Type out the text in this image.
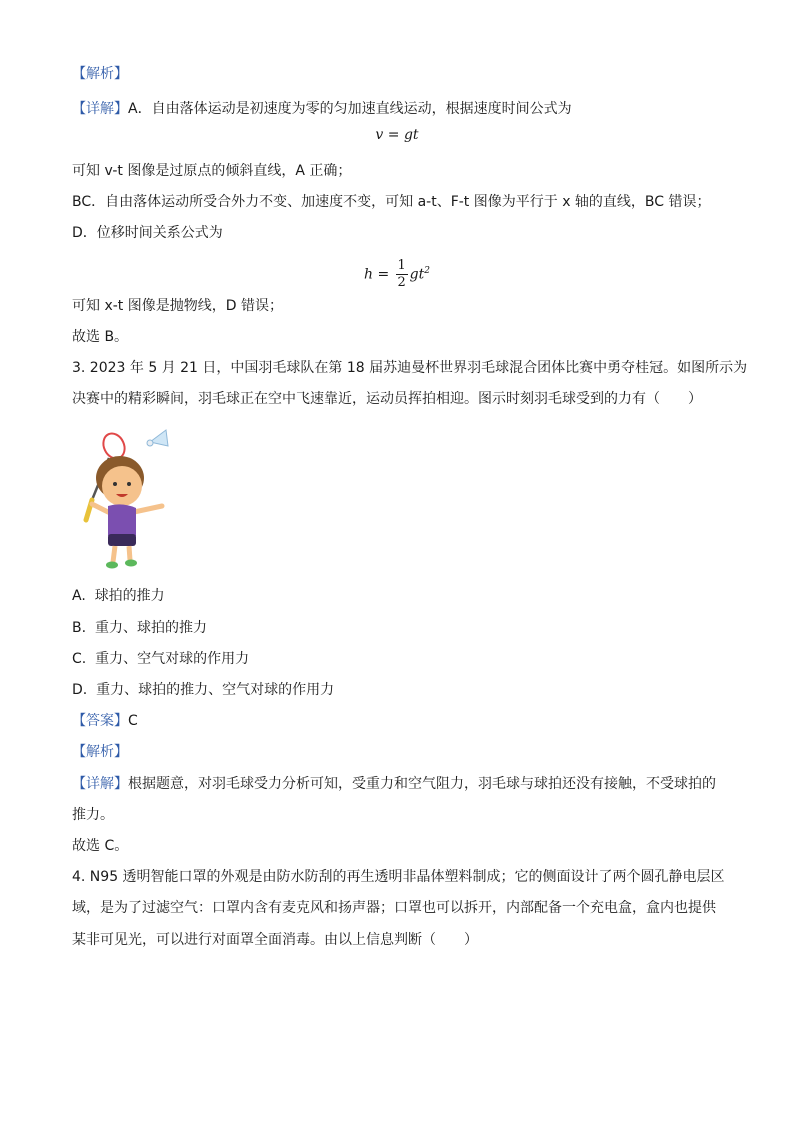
【解析】
【详解】A．自由落体运动是初速度为零的匀加速直线运动，根据速度时间公式为
v = gt
可知 v-t 图像是过原点的倾斜直线，A 正确；
BC．自由落体运动所受合外力不变、加速度不变，可知 a-t、F-t 图像为平行于 x 轴的直线，BC 错误；
D．位移时间关系公式为
$h = \frac{1}{2} gt^2$
可知 x-t 图像是抛物线，D 错误；
故选 B。
3. 2023 年 5 月 21 日，中国羽毛球队在第 18 届苏迪曼杯世界羽毛球混合团体比赛中勇夺桂冠。如图所示为
决赛中的精彩瞬间，羽毛球正在空中飞速靠近，运动员挥拍相迎。图示时刻羽毛球受到的力有（　　）
A. 球拍的推力
B. 重力、球拍的推力
C. 重力、空气对球的作用力
D. 重力、球拍的推力、空气对球的作用力
【答案】C
【解析】
【详解】根据题意，对羽毛球受力分析可知，受重力和空气阻力，羽毛球与球拍还没有接触，不受球拍的
推力。
故选 C。
4. N95 透明智能口罩的外观是由防水防刮的再生透明非晶体塑料制成；它的侧面设计了两个圆孔静电层区
域，是为了过滤空气：口罩内含有麦克风和扬声器；口罩也可以拆开，内部配备一个充电盒，盒内也提供
某非可见光，可以进行对面罩全面消毒。由以上信息判断（　　）
